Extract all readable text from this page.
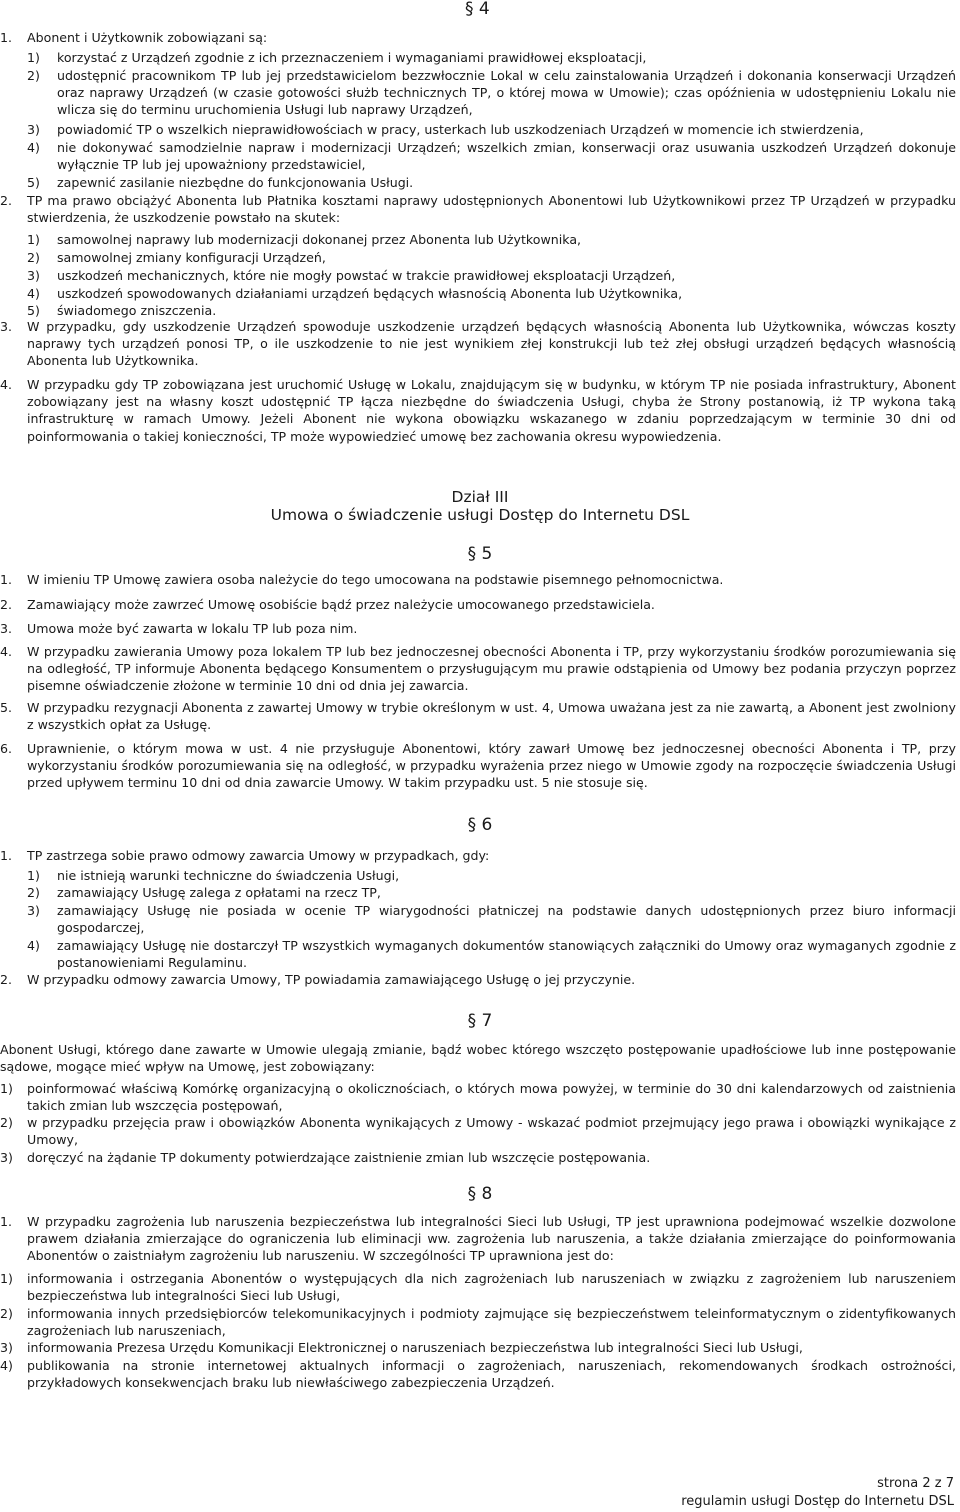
§ 4
1. Abonent i Użytkownik zobowiązani są:
1) korzystać z Urządzeń zgodnie z ich przeznaczeniem i wymaganiami prawidłowej eksploatacji,
2) udostępnić pracownikom TP lub jej przedstawicielom bezzwłocznie Lokal w celu zainstalowania Urządzeń i dokonania konserwacji Urządzeń oraz naprawy Urządzeń (w czasie gotowości służb technicznych TP, o której mowa w Umowie); czas opóźnienia w udostępnieniu Lokalu nie wlicza się do terminu uruchomienia Usługi lub naprawy Urządzeń,
3) powiadomić TP o wszelkich nieprawidłowościach w pracy, usterkach lub uszkodzeniach Urządzeń w momencie ich stwierdzenia,
4) nie dokonywać samodzielnie napraw i modernizacji Urządzeń; wszelkich zmian, konserwacji oraz usuwania uszkodzeń Urządzeń dokonuje wyłącznie TP lub jej upoważniony przedstawiciel,
5) zapewnić zasilanie niezbędne do funkcjonowania Usługi.
2. TP ma prawo obciążyć Abonenta lub Płatnika kosztami naprawy udostępnionych Abonentowi lub Użytkownikowi przez TP Urządzeń w przypadku stwierdzenia, że uszkodzenie powstało na skutek:
1) samowolnej naprawy lub modernizacji dokonanej przez Abonenta lub Użytkownika,
2) samowolnej zmiany konfiguracji Urządzeń,
3) uszkodzeń mechanicznych, które nie mogły powstać w trakcie prawidłowej eksploatacji Urządzeń,
4) uszkodzeń spowodowanych działaniami urządzeń będących własnością Abonenta lub Użytkownika,
5) świadomego zniszczenia.
3. W przypadku, gdy uszkodzenie Urządzeń spowoduje uszkodzenie urządzeń będących własnością Abonenta lub Użytkownika, wówczas koszty naprawy tych urządzeń ponosi TP, o ile uszkodzenie to nie jest wynikiem złej konstrukcji lub też złej obsługi urządzeń będących własnością Abonenta lub Użytkownika.
4. W przypadku gdy TP zobowiązana jest uruchomić Usługę w Lokalu, znajdującym się w budynku, w którym TP nie posiada infrastruktury, Abonent zobowiązany jest na własny koszt udostępnić TP łącza niezbędne do świadczenia Usługi, chyba że Strony postanowią, iż TP wykona taką infrastrukturę w ramach Umowy. Jeżeli Abonent nie wykona obowiązku wskazanego w zdaniu poprzedzającym w terminie 30 dni od poinformowania o takiej konieczności, TP może wypowiedzieć umowę bez zachowania okresu wypowiedzenia.
Dział III
Umowa o świadczenie usługi Dostęp do Internetu DSL
§ 5
1. W imieniu TP Umowę zawiera osoba należycie do tego umocowana na podstawie pisemnego pełnomocnictwa.
2. Zamawiający może zawrzeć Umowę osobiście bądź przez należycie umocowanego przedstawiciela.
3. Umowa może być zawarta w lokalu TP lub poza nim.
4. W przypadku zawierania Umowy poza lokalem TP lub bez jednoczesnej obecności Abonenta i TP, przy wykorzystaniu środków porozumiewania się na odległość, TP informuje Abonenta będącego Konsumentem o przysługującym mu prawie odstąpienia od Umowy bez podania przyczyn poprzez pisemne oświadczenie złożone w terminie 10 dni od dnia jej zawarcia.
5. W przypadku rezygnacji Abonenta z zawartej Umowy w trybie określonym w ust. 4, Umowa uważana jest za nie zawartą, a Abonent jest zwolniony z wszystkich opłat za Usługę.
6. Uprawnienie, o którym mowa w ust. 4 nie przysługuje Abonentowi, który zawarł Umowę bez jednoczesnej obecności Abonenta i TP, przy wykorzystaniu środków porozumiewania się na odległość, w przypadku wyrażenia przez niego w Umowie zgody na rozpoczęcie świadczenia Usługi przed upływem terminu 10 dni od dnia zawarcie Umowy. W takim przypadku ust. 5 nie stosuje się.
§ 6
1. TP zastrzega sobie prawo odmowy zawarcia Umowy w przypadkach, gdy:
1) nie istnieją warunki techniczne do świadczenia Usługi,
2) zamawiający Usługę zalega z opłatami na rzecz TP,
3) zamawiający Usługę nie posiada w ocenie TP wiarygodności płatniczej na podstawie danych udostępnionych przez biuro informacji gospodarczej,
4) zamawiający Usługę nie dostarczył TP wszystkich wymaganych dokumentów stanowiących załączniki do Umowy oraz wymaganych zgodnie z postanowieniami Regulaminu.
2. W przypadku odmowy zawarcia Umowy, TP powiadamia zamawiającego Usługę o jej przyczynie.
§ 7
Abonent Usługi, którego dane zawarte w Umowie ulegają zmianie, bądź wobec którego wszczęto postępowanie upadłościowe lub inne postępowanie sądowe, mogące mieć wpływ na Umowę, jest zobowiązany:
1) poinformować właściwą Komórkę organizacyjną o okolicznościach, o których mowa powyżej, w terminie do 30 dni kalendarzowych od zaistnienia takich zmian lub wszczęcia postępowań,
2) w przypadku przejęcia praw i obowiązków Abonenta wynikających z Umowy - wskazać podmiot przejmujący jego prawa i obowiązki wynikające z Umowy,
3) doręczyć na żądanie TP dokumenty potwierdzające zaistnienie zmian lub wszczęcie postępowania.
§ 8
1. W przypadku zagrożenia lub naruszenia bezpieczeństwa lub integralności Sieci lub Usługi, TP jest uprawniona podejmować wszelkie dozwolone prawem działania zmierzające do ograniczenia lub eliminacji ww. zagrożenia lub naruszenia, a także działania zmierzające do poinformowania Abonentów o zaistniałym zagrożeniu lub naruszeniu. W szczególności TP uprawniona jest do:
1) informowania i ostrzegania Abonentów o występujących dla nich zagrożeniach lub naruszeniach w związku z zagrożeniem lub naruszeniem bezpieczeństwa lub integralności Sieci lub Usługi,
2) informowania innych przedsiębiorców telekomunikacyjnych i podmioty zajmujące się bezpieczeństwem teleinformatycznym o zidentyfikowanych zagrożeniach lub naruszeniach,
3) informowania Prezesa Urzędu Komunikacji Elektronicznej o naruszeniach bezpieczeństwa lub integralności Sieci lub Usługi,
4) publikowania na stronie internetowej aktualnych informacji o zagrożeniach, naruszeniach, rekomendowanych środkach ostrożności, przykładowych konsekwencjach braku lub niewłaściwego zabezpieczenia Urządzeń.
strona 2 z 7
regulamin usługi Dostęp do Internetu DSL
